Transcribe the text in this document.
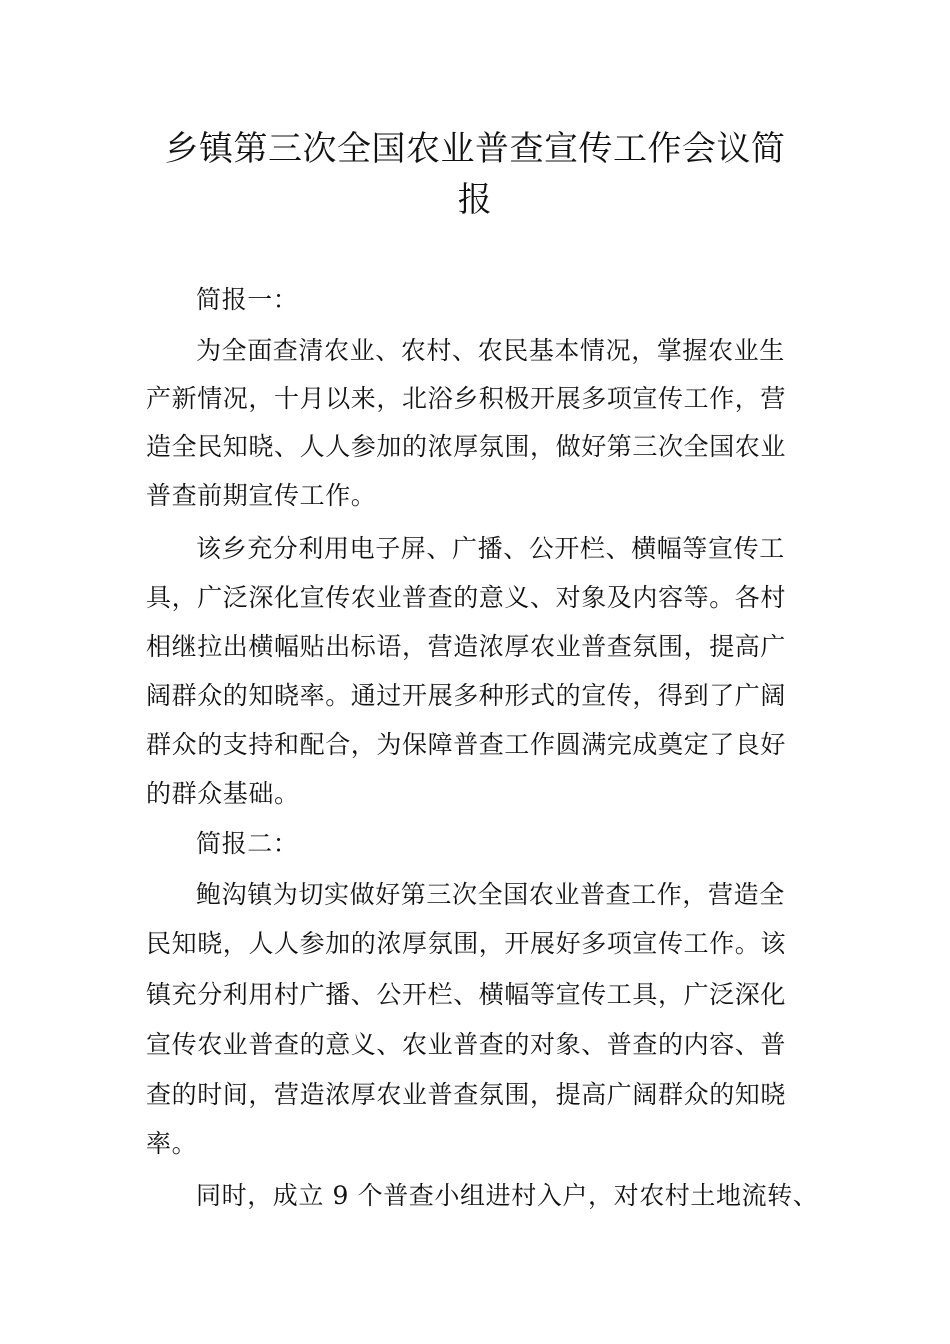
乡镇第三次全国农业普查宣传工作会议简
报
简报一：
为全面查清农业、农村、农民基本情况，掌握农业生
产新情况，十月以来，北浴乡积极开展多项宣传工作，营
造全民知晓、人人参加的浓厚氛围，做好第三次全国农业
普查前期宣传工作。
该乡充分利用电子屏、广播、公开栏、横幅等宣传工
具，广泛深化宣传农业普查的意义、对象及内容等。各村
相继拉出横幅贴出标语，营造浓厚农业普查氛围，提高广
阔群众的知晓率。通过开展多种形式的宣传，得到了广阔
群众的支持和配合，为保障普查工作圆满完成奠定了良好
的群众基础。
简报二：
鲍沟镇为切实做好第三次全国农业普查工作，营造全
民知晓，人人参加的浓厚氛围，开展好多项宣传工作。该
镇充分利用村广播、公开栏、横幅等宣传工具，广泛深化
宣传农业普查的意义、农业普查的对象、普查的内容、普
查的时间，营造浓厚农业普查氛围，提高广阔群众的知晓
率。
同时，成立 9 个普查小组进村入户，对农村土地流转、
